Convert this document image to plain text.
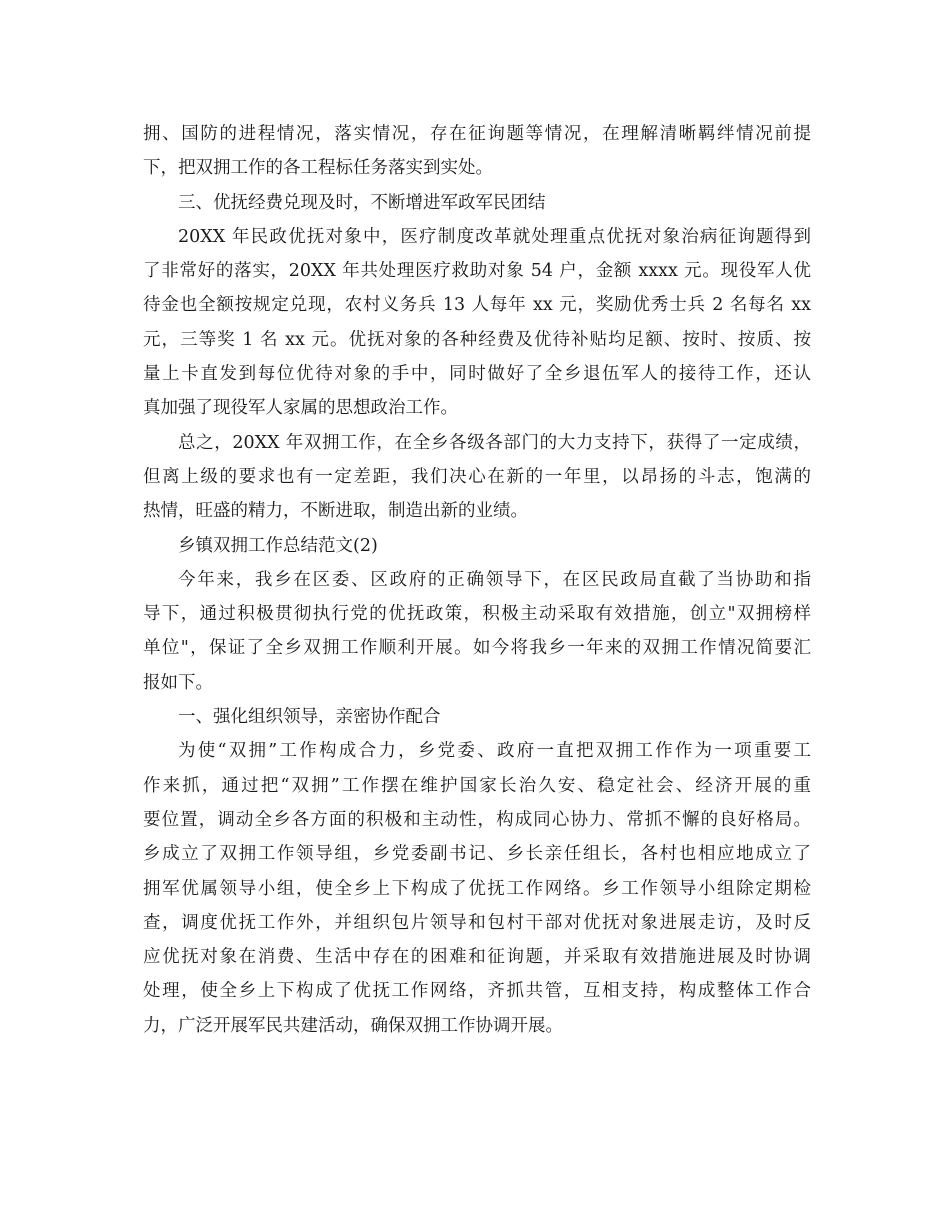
拥、国防的进程情况，落实情况，存在征询题等情况，在理解清晰羁绊情况前提
下，把双拥工作的各工程标任务落实到实处。
三、优抚经费兑现及时，不断增进军政军民团结
20XX 年民政优抚对象中，医疗制度改革就处理重点优抚对象治病征询题得到
了非常好的落实，20XX 年共处理医疗救助对象 54 户，金额 xxxx 元。现役军人优
待金也全额按规定兑现，农村义务兵 13 人每年 xx 元，奖励优秀士兵 2 名每名 xx
元，三等奖 1 名 xx 元。优抚对象的各种经费及优待补贴均足额、按时、按质、按
量上卡直发到每位优待对象的手中，同时做好了全乡退伍军人的接待工作，还认
真加强了现役军人家属的思想政治工作。
总之，20XX 年双拥工作，在全乡各级各部门的大力支持下，获得了一定成绩，
但离上级的要求也有一定差距，我们决心在新的一年里，以昂扬的斗志，饱满的
热情，旺盛的精力，不断进取，制造出新的业绩。
乡镇双拥工作总结范文(2)
今年来，我乡在区委、区政府的正确领导下，在区民政局直截了当协助和指
导下，通过积极贯彻执行党的优抚政策，积极主动采取有效措施，创立"双拥榜样
单位"，保证了全乡双拥工作顺利开展。如今将我乡一年来的双拥工作情况简要汇
报如下。
一、强化组织领导，亲密协作配合
为使“双拥”工作构成合力，乡党委、政府一直把双拥工作作为一项重要工
作来抓，通过把“双拥”工作摆在维护国家长治久安、稳定社会、经济开展的重
要位置，调动全乡各方面的积极和主动性，构成同心协力、常抓不懈的良好格局。
乡成立了双拥工作领导组，乡党委副书记、乡长亲任组长，各村也相应地成立了
拥军优属领导小组，使全乡上下构成了优抚工作网络。乡工作领导小组除定期检
查，调度优抚工作外，并组织包片领导和包村干部对优抚对象进展走访，及时反
应优抚对象在消费、生活中存在的困难和征询题，并采取有效措施进展及时协调
处理，使全乡上下构成了优抚工作网络，齐抓共管，互相支持，构成整体工作合
力，广泛开展军民共建活动，确保双拥工作协调开展。
